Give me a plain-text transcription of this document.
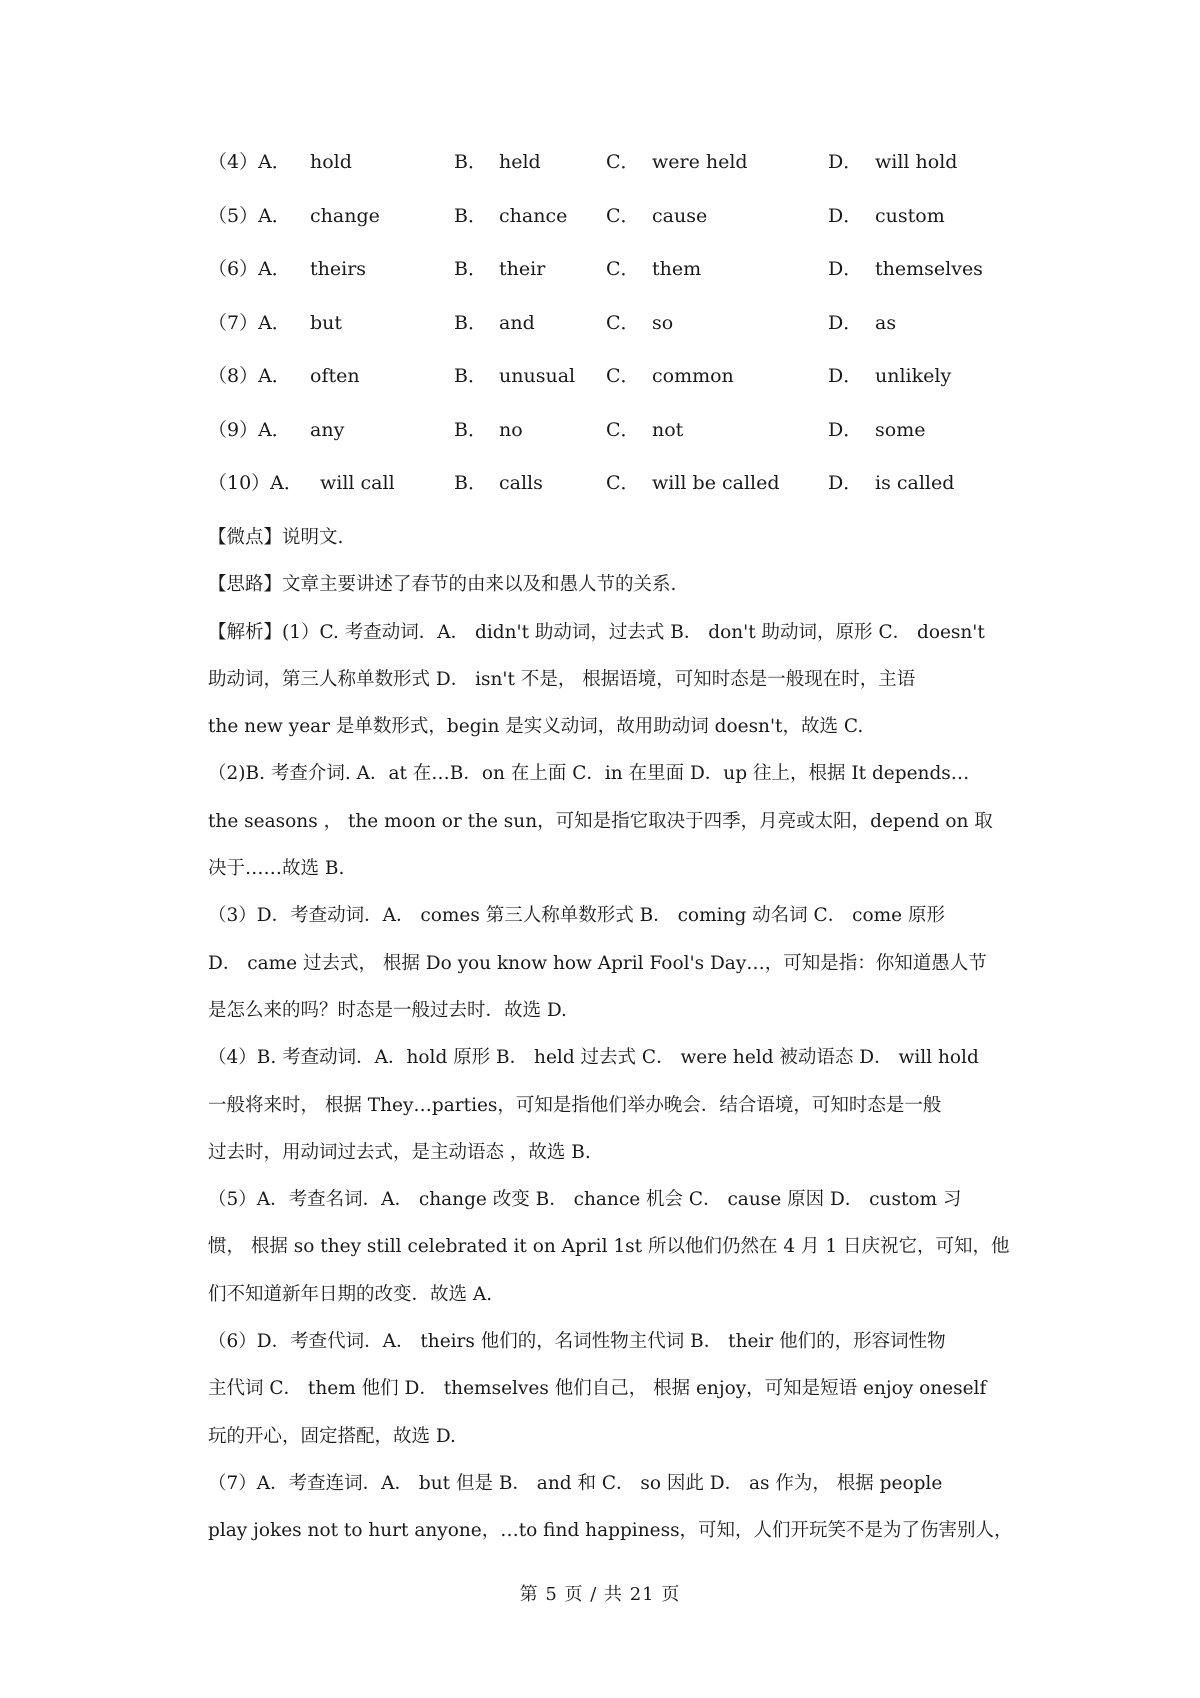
（4）A． hold	B． held	C． were held	D． will hold
（5）A． change	B． chance C． cause	D． custom
（6）A． theirs	B． their	C． them	D． themselves
（7）A． but	B． and	C． so	D． as
（8）A． often	B． unusual C． common	D． unlikely
（9）A． any	B． no	C． not	D． some
（10）A． will call	B． calls	C． will be called	D． is called
【微点】说明文.
【思路】文章主要讲述了春节的由来以及和愚人节的关系.
【解析】(1）C. 考查动词．A． didn't 助动词，过去式 B． don't 助动词，原形 C． doesn't
助动词，第三人称单数形式 D． isn't 不是， 根据语境，可知时态是一般现在时，主语
the new year 是单数形式，begin 是实义动词，故用助动词 doesn't，故选 C.
（2)B. 考查介词. A．at 在…B．on 在上面 C．in 在里面 D．up 往上，根据 It depends…
the seasons ， the moon or the sun，可知是指它取决于四季，月亮或太阳，depend on 取
决于……故选 B.
（3）D．考查动词．A． comes 第三人称单数形式 B． coming 动名词 C． come 原形
D． came 过去式， 根据 Do you know how April Fool's Day…，可知是指：你知道愚人节
是怎么来的吗？时态是一般过去时．故选 D.
（4）B. 考查动词．A．hold 原形 B． held 过去式 C． were held 被动语态 D． will hold
一般将来时， 根据 They…parties，可知是指他们举办晚会．结合语境，可知时态是一般
过去时，用动词过去式，是主动语态 ，故选 B.
（5）A．考查名词．A． change 改变 B． chance 机会 C． cause 原因 D． custom 习
惯， 根据 so they still celebrated it on April 1st 所以他们仍然在 4 月 1 日庆祝它，可知，他
们不知道新年日期的改变．故选 A.
（6）D．考查代词．A． theirs 他们的，名词性物主代词 B． their 他们的，形容词性物
主代词 C． them 他们 D． themselves 他们自己， 根据 enjoy，可知是短语 enjoy oneself
玩的开心，固定搭配，故选 D.
（7）A．考查连词．A． but 但是 B． and 和 C． so 因此 D． as 作为， 根据 people
play jokes not to hurt anyone，…to find happiness，可知，人们开玩笑不是为了伤害别人，
第 5 页 / 共 21 页
